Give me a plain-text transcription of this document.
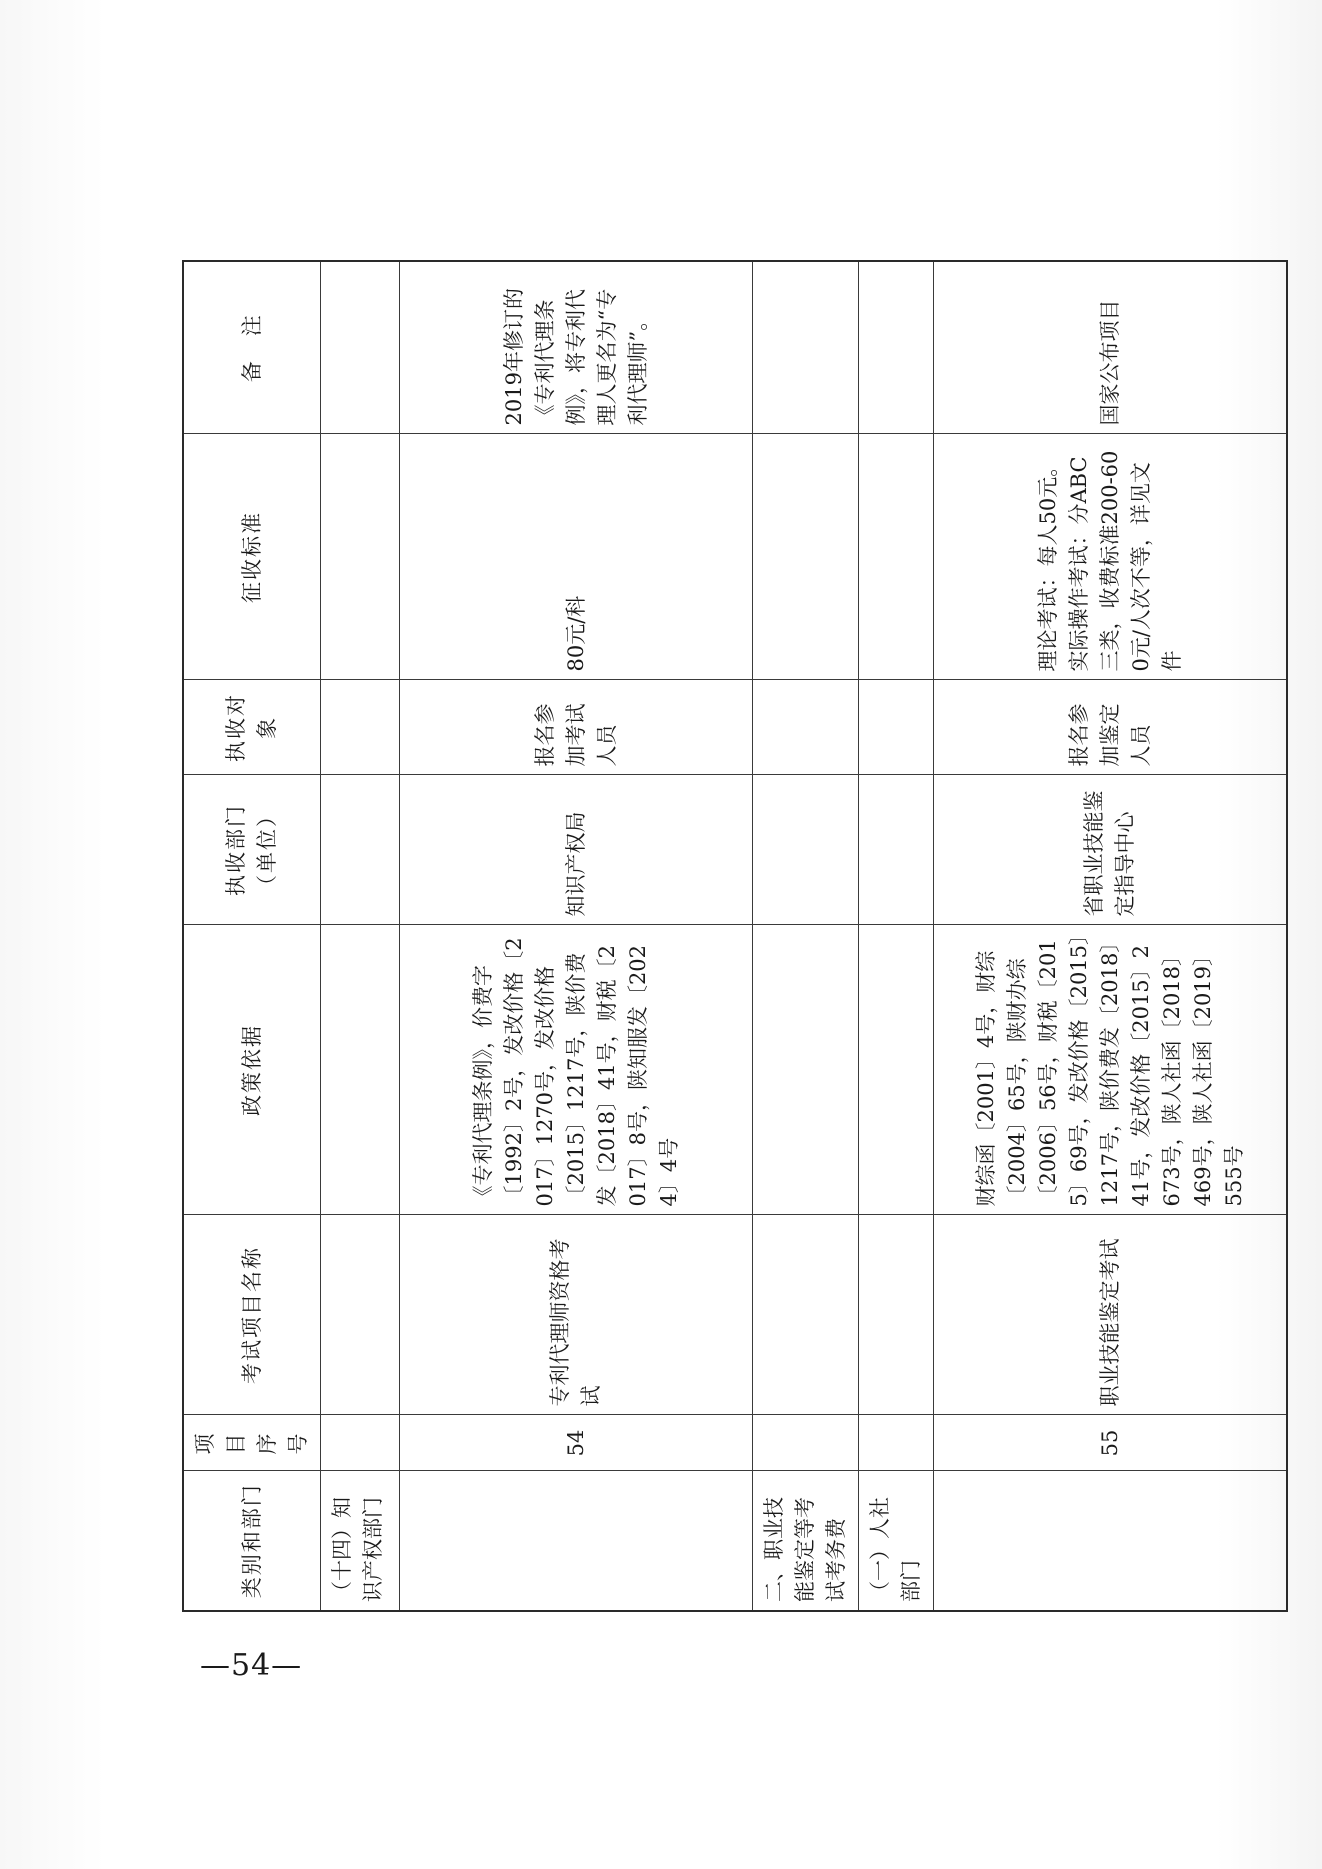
类别和部门	项目序号	考试项目名称	政策依据	执收部门（单位）	执收对象	征收标准	备　注
（十四）知识产权部门							
	54	专利代理师资格考试	《专利代理条例》，价费字〔1992〕2号，发改价格〔2017〕1270号，发改价格〔2015〕1217号，陕价费发〔2018〕41号，财税〔2017〕8号，陕知服发〔2024〕4号	知识产权局	报名参加考试人员	80元/科	2019年修订的《专利代理条例》，将专利代理人更名为“专利代理师”。
二、职业技能鉴定等考试考务费							
（一）人社部门							
	55	职业技能鉴定考试	财综函〔2001〕4号，财综〔2004〕65号，陕财办综〔2006〕56号，财税〔2015〕69号，发改价格〔2015〕1217号，陕价费发〔2018〕41号，发改价格〔2015〕2673号，陕人社函〔2018〕469号，陕人社函〔2019〕555号	省职业技能鉴定指导中心	报名参加鉴定人员	理论考试：每人50元。实际操作考试：分ABC三类，收费标准200-600元/人次不等，详见文件	国家公布项目
—54—
